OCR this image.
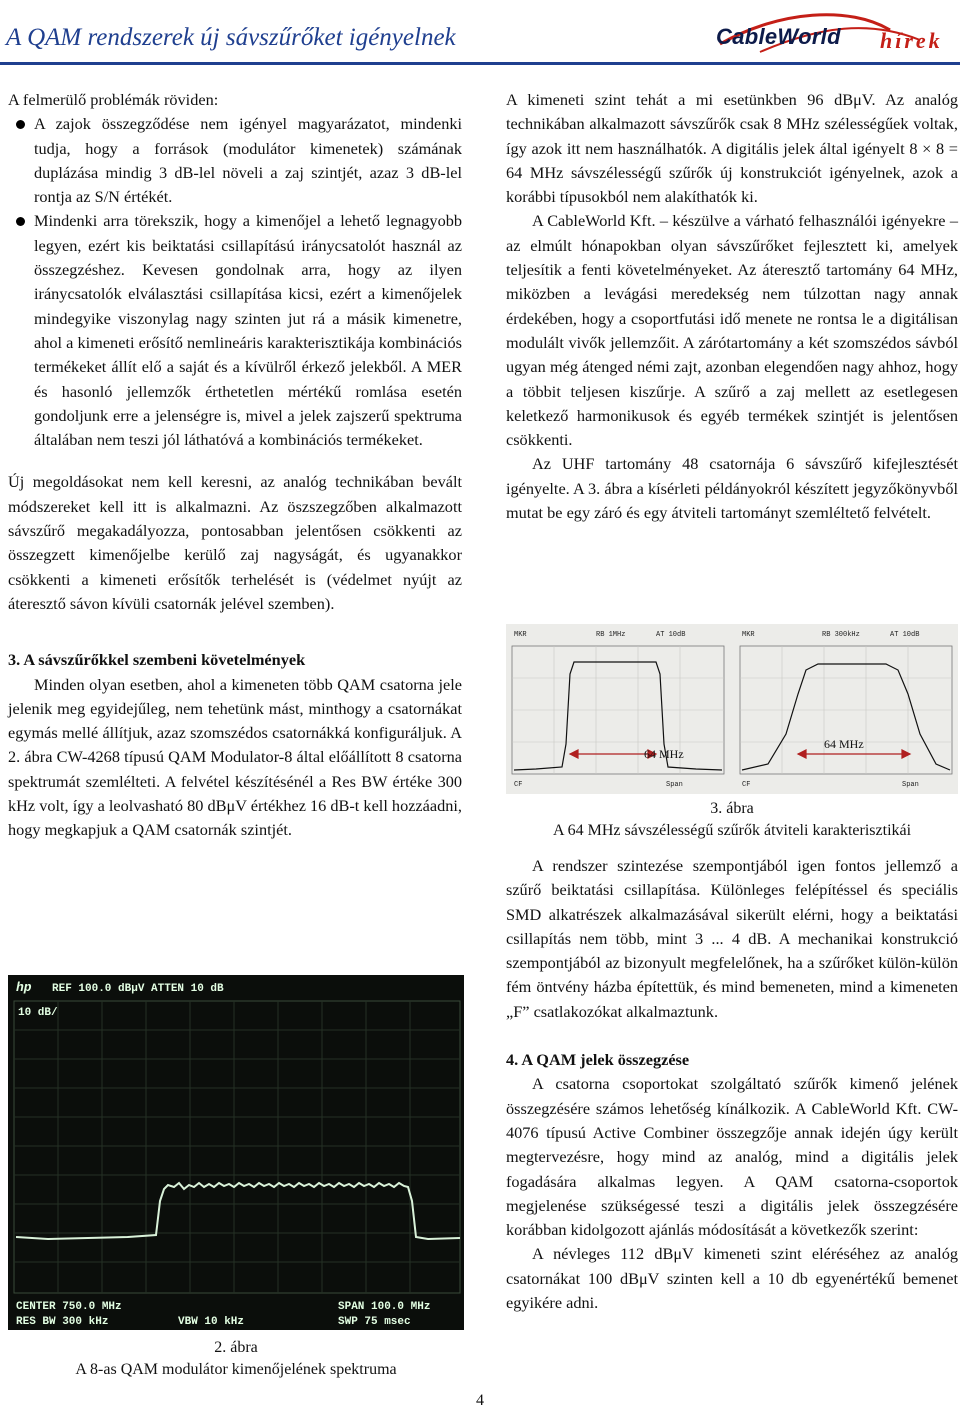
A QAM rendszerek új sávszűrőket igényelnek	CableWorld hírek

A felmerülő problémák röviden:

A zajok összegződése nem igényel magyarázatot, mindenki tudja, hogy a források (modulátor kimenetek) számának duplázása mindig 3 dB-lel növeli a zaj szintjét, azaz 3 dB-lel rontja az S/N értékét.

Mindenki arra törekszik, hogy a kimenőjel a lehető legnagyobb legyen, ezért kis beiktatási csillapítású iránycsatolót használ az összegzéshez. Kevesen gondolnak arra, hogy az ilyen iránycsatolók elválasztási csillapítása kicsi, ezért a kimenőjelek mindegyike viszonylag nagy szinten jut rá a másik kimenetre, ahol a kimeneti erősítő nemlineáris karakterisztikája kombinációs termékeket állít elő a saját és a kívülről érkező jelekből. A MER és hasonló jellemzők érthetetlen mértékű romlása esetén gondoljunk erre a jelenségre is, mivel a jelek zajszerű spektruma általában nem teszi jól láthatóvá a kombinációs termékeket.

Új megoldásokat nem kell keresni, az analóg technikában bevált módszereket kell itt is alkalmazni. Az öszszegzőben alkalmazott sávszűrő megakadályozza, pontosabban jelentősen csökkenti az összegzett kimenőjelbe kerülő zaj nagyságát, és ugyanakkor csökkenti a kimeneti erősítők terhelését is (védelmet nyújt az áteresztő sávon kívüli csatornák jelével szemben).

3. A sávszűrőkkel szembeni követelmények

Minden olyan esetben, ahol a kimeneten több QAM csatorna jele jelenik meg egyidejűleg, nem tehetünk mást, minthogy a csatornákat egymás mellé állítjuk, azaz szomszédos csatornákká konfiguráljuk. A 2. ábra CW-4268 típusú QAM Modulator-8 által előállított 8 csatorna spektrumát szemlélteti. A felvétel készítésénél a Res BW értéke 300 kHz volt, így a leolvasható 80 dBμV értékhez 16 dB-t kell hozzáadni, hogy megkapjuk a QAM csatornák szintjét.

hp REF 100.0 dBμV ATTEN 10 dB
10 dB/
CENTER 750.0 MHz
RES BW 300 kHz	VBW 10 kHz
SPAN 100.0 MHz
SWP 75 msec
2. ábra
A 8-as QAM modulátor kimenőjelének spektruma

A kimeneti szint tehát a mi esetünkben 96 dBμV. Az analóg technikában alkalmazott sávszűrők csak 8 MHz szélességűek voltak, így azok itt nem használhatók. A digitális jelek által igényelt 8 × 8 = 64 MHz sávszélességű szűrők új konstrukciót igényelnek, azok a korábbi típusokból nem alakíthatók ki.

A CableWorld Kft. – készülve a várható felhasználói igényekre – az elmúlt hónapokban olyan sávszűrőket fejlesztett ki, amelyek teljesítik a fenti követelményeket. Az áteresztő tartomány 64 MHz, miközben a levágási meredekség nem túlzottan nagy annak érdekében, hogy a csoportfutási idő menete ne rontsa le a digitálisan modulált vivők jellemzőit. A zárótartomány a két szomszédos sávból ugyan még átenged némi zajt, azonban elegendően nagy ahhoz, hogy a többit teljesen kiszűrje. A szűrő a zaj mellett az esetlegesen keletkező harmonikusok és egyéb termékek szintjét is jelentősen csökkenti.

Az UHF tartomány 48 csatornája 6 sávszűrő kifejlesztését igényelte. A 3. ábra a kísérleti példányokról készített jegyzőkönyvből mutat be egy záró és egy átviteli tartományt szemléltető felvételt.

MKR	RB 1MHz	AT 10dB	MKR	RB 300kHz	AT 10dB
CF	Span	CF	Span
64 MHz
64 MHz
3. ábra
A 64 MHz sávszélességű szűrők átviteli karakterisztikái

A rendszer szintezése szempontjából igen fontos jellemző a szűrő beiktatási csillapítása. Különleges felépítéssel és speciális SMD alkatrészek alkalmazásával sikerült elérni, hogy a beiktatási csillapítás nem több, mint 3 ... 4 dB. A mechanikai konstrukció szempontjából az bizonyult megfelelőnek, ha a szűrőket külön-külön fém öntvény házba építettük, és mind bemeneten, mind a kimeneten „F” csatlakozókat alkalmaztunk.

4. A QAM jelek összegzése

A csatorna csoportokat szolgáltató szűrők kimenő jelének összegzésére számos lehetőség kínálkozik. A CableWorld Kft. CW-4076 típusú Active Combiner összegzője annak idején úgy került megtervezésre, hogy mind az analóg, mind a digitális jelek fogadására alkalmas legyen. A QAM csatorna-csoportok megjelenése szükségessé teszi a digitális jelek összegzésére korábban kidolgozott ajánlás módosítását a következők szerint:

A névleges 112 dBμV kimeneti szint eléréséhez az analóg csatornákat 100 dBμV szinten kell a 10 db egyenértékű bemenet egyikére adni.

4
